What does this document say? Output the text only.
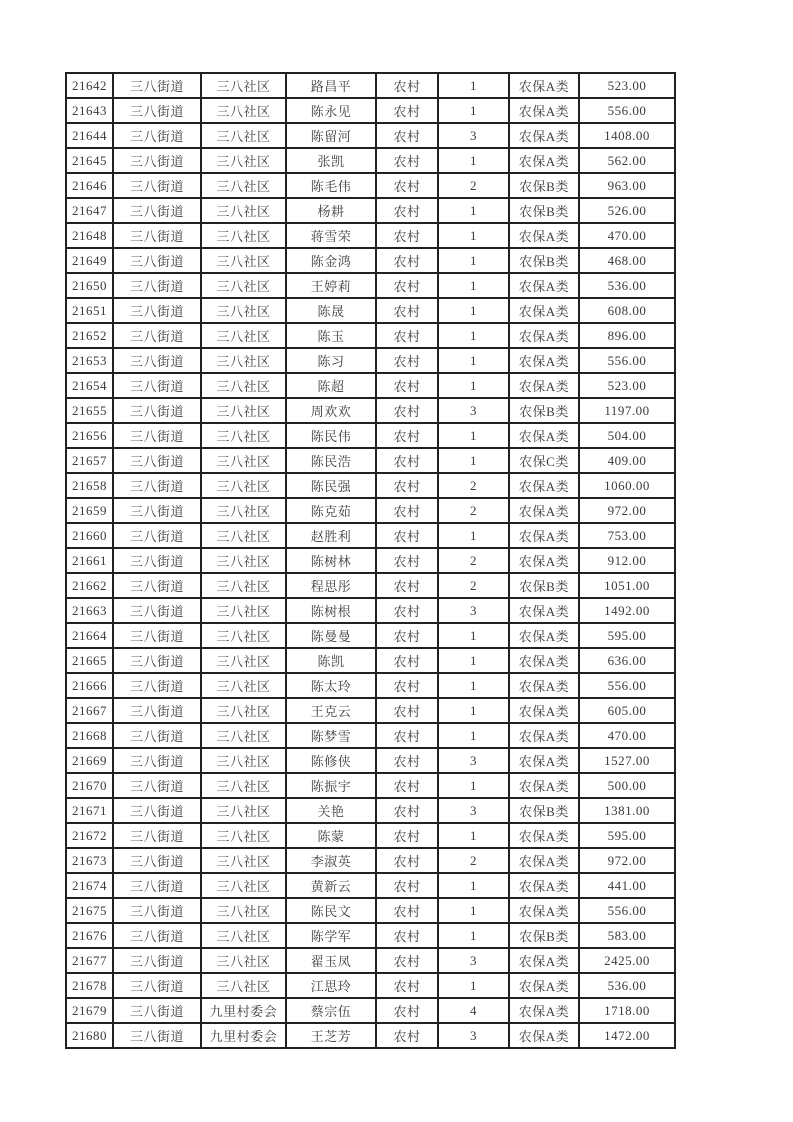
21642	三八街道	三八社区	路昌平	农村	1	农保A类	523.00
21643	三八街道	三八社区	陈永见	农村	1	农保A类	556.00
21644	三八街道	三八社区	陈留河	农村	3	农保A类	1408.00
21645	三八街道	三八社区	张凯	农村	1	农保A类	562.00
21646	三八街道	三八社区	陈毛伟	农村	2	农保B类	963.00
21647	三八街道	三八社区	杨耕	农村	1	农保B类	526.00
21648	三八街道	三八社区	蒋雪荣	农村	1	农保A类	470.00
21649	三八街道	三八社区	陈金鸿	农村	1	农保B类	468.00
21650	三八街道	三八社区	王婷莉	农村	1	农保A类	536.00
21651	三八街道	三八社区	陈晟	农村	1	农保A类	608.00
21652	三八街道	三八社区	陈玉	农村	1	农保A类	896.00
21653	三八街道	三八社区	陈习	农村	1	农保A类	556.00
21654	三八街道	三八社区	陈超	农村	1	农保A类	523.00
21655	三八街道	三八社区	周欢欢	农村	3	农保B类	1197.00
21656	三八街道	三八社区	陈民伟	农村	1	农保A类	504.00
21657	三八街道	三八社区	陈民浩	农村	1	农保C类	409.00
21658	三八街道	三八社区	陈民强	农村	2	农保A类	1060.00
21659	三八街道	三八社区	陈克茹	农村	2	农保A类	972.00
21660	三八街道	三八社区	赵胜利	农村	1	农保A类	753.00
21661	三八街道	三八社区	陈树林	农村	2	农保A类	912.00
21662	三八街道	三八社区	程思彤	农村	2	农保B类	1051.00
21663	三八街道	三八社区	陈树根	农村	3	农保A类	1492.00
21664	三八街道	三八社区	陈曼曼	农村	1	农保A类	595.00
21665	三八街道	三八社区	陈凯	农村	1	农保A类	636.00
21666	三八街道	三八社区	陈太玲	农村	1	农保A类	556.00
21667	三八街道	三八社区	王克云	农村	1	农保A类	605.00
21668	三八街道	三八社区	陈梦雪	农村	1	农保A类	470.00
21669	三八街道	三八社区	陈修侠	农村	3	农保A类	1527.00
21670	三八街道	三八社区	陈振宇	农村	1	农保A类	500.00
21671	三八街道	三八社区	关艳	农村	3	农保B类	1381.00
21672	三八街道	三八社区	陈蒙	农村	1	农保A类	595.00
21673	三八街道	三八社区	李淑英	农村	2	农保A类	972.00
21674	三八街道	三八社区	黄新云	农村	1	农保A类	441.00
21675	三八街道	三八社区	陈民文	农村	1	农保A类	556.00
21676	三八街道	三八社区	陈学军	农村	1	农保B类	583.00
21677	三八街道	三八社区	翟玉凤	农村	3	农保A类	2425.00
21678	三八街道	三八社区	江思玲	农村	1	农保A类	536.00
21679	三八街道	九里村委会	蔡宗伍	农村	4	农保A类	1718.00
21680	三八街道	九里村委会	王芝芳	农村	3	农保A类	1472.00
